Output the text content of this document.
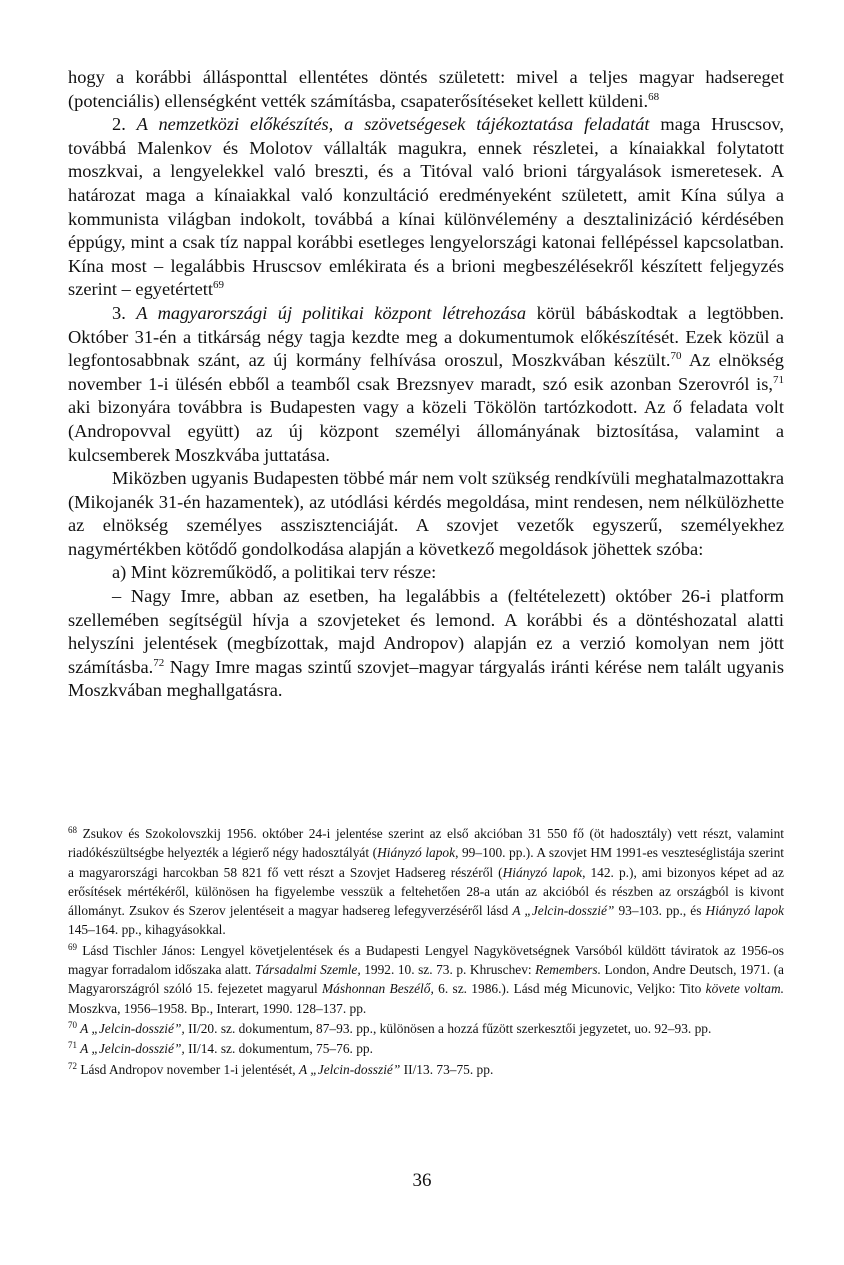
hogy a korábbi állásponttal ellentétes döntés született: mivel a teljes magyar hadsereget (potenciális) ellenségként vették számításba, csapaterősítéseket kellett küldeni.$^{68}$

2. A nemzetközi előkészítés, a szövetségesek tájékoztatása feladatát maga Hruscsov, továbbá Malenkov és Molotov vállalták magukra, ennek részletei, a kínaiakkal folytatott moszkvai, a lengyelekkel való breszti, és a Titóval való brioni tárgyalások ismeretesek. A határozat maga a kínaiakkal való konzultáció eredményeként született, amit Kína súlya a kommunista világban indokolt, továbbá a kínai különvélemény a desztalinizáció kérdésében éppúgy, mint a csak tíz nappal korábbi esetleges lengyelországi katonai fellépéssel kapcsolatban. Kína most – legalábbis Hruscsov emlékirata és a brioni megbeszélésekről készített feljegyzés szerint – egyetértett$^{69}$

3. A magyarországi új politikai központ létrehozása körül bábáskodtak a legtöbben. Október 31-én a titkárság négy tagja kezdte meg a dokumentumok előkészítését. Ezek közül a legfontosabbnak szánt, az új kormány felhívása oroszul, Moszkvában készült.$^{70}$ Az elnökség november 1-i ülésén ebből a teamből csak Brezsnyev maradt, szó esik azonban Szerovról is,$^{71}$ aki bizonyára továbbra is Budapesten vagy a közeli Tökölön tartózkodott. Az ő feladata volt (Andropovval együtt) az új központ személyi állományának biztosítása, valamint a kulcsemberek Moszkvába juttatása.

Miközben ugyanis Budapesten többé már nem volt szükség rendkívüli meghatalmazottakra (Mikojanék 31-én hazamentek), az utódlási kérdés megoldása, mint rendesen, nem nélkülözhette az elnökség személyes asszisztenciáját. A szovjet vezetők egyszerű, személyekhez nagymértékben kötődő gondolkodása alapján a következő megoldások jöhettek szóba:

a) Mint közreműködő, a politikai terv része:

– Nagy Imre, abban az esetben, ha legalábbis a (feltételezett) október 26-i platform szellemében segítségül hívja a szovjeteket és lemond. A korábbi és a döntéshozatal alatti helyszíni jelentések (megbízottak, majd Andropov) alapján ez a verzió komolyan nem jött számításba.$^{72}$ Nagy Imre magas szintű szovjet–magyar tárgyalás iránti kérése nem talált ugyanis Moszkvában meghallgatásra.

$^{68}$ Zsukov és Szokolovszkij 1956. október 24-i jelentése szerint az első akcióban 31 550 fő (öt hadosztály) vett részt, valamint riadókészültségbe helyezték a légierő négy hadosztályát (Hiányzó lapok, 99–100. pp.). A szovjet HM 1991-es veszteséglistája szerint a magyarországi harcokban 58 821 fő vett részt a Szovjet Hadsereg részéről (Hiányzó lapok, 142. p.), ami bizonyos képet ad az erősítések mértékéről, különösen ha figyelembe vesszük a feltehetően 28-a után az akcióból és részben az országból is kivont állományt. Zsukov és Szerov jelentéseit a magyar hadsereg lefegyverzéséről lásd A „Jelcin-dosszié” 93–103. pp., és Hiányzó lapok 145–164. pp., kihagyásokkal.

$^{69}$ Lásd Tischler János: Lengyel követjelentések és a Budapesti Lengyel Nagykövetségnek Varsóból küldött táviratok az 1956-os magyar forradalom időszaka alatt. Társadalmi Szemle, 1992. 10. sz. 73. p. Khruschev: Remembers. London, Andre Deutsch, 1971. (a Magyarországról szóló 15. fejezetet magyarul Máshonnan Beszélő, 6. sz. 1986.). Lásd még Micunovic, Veljko: Tito követe voltam. Moszkva, 1956–1958. Bp., Interart, 1990. 128–137. pp.

$^{70}$ A „Jelcin-dosszié”, II/20. sz. dokumentum, 87–93. pp., különösen a hozzá fűzött szerkesztői jegyzetet, uo. 92–93. pp.

$^{71}$ A „Jelcin-dosszié”, II/14. sz. dokumentum, 75–76. pp.

$^{72}$ Lásd Andropov november 1-i jelentését, A „Jelcin-dosszié” II/13. 73–75. pp.

36
